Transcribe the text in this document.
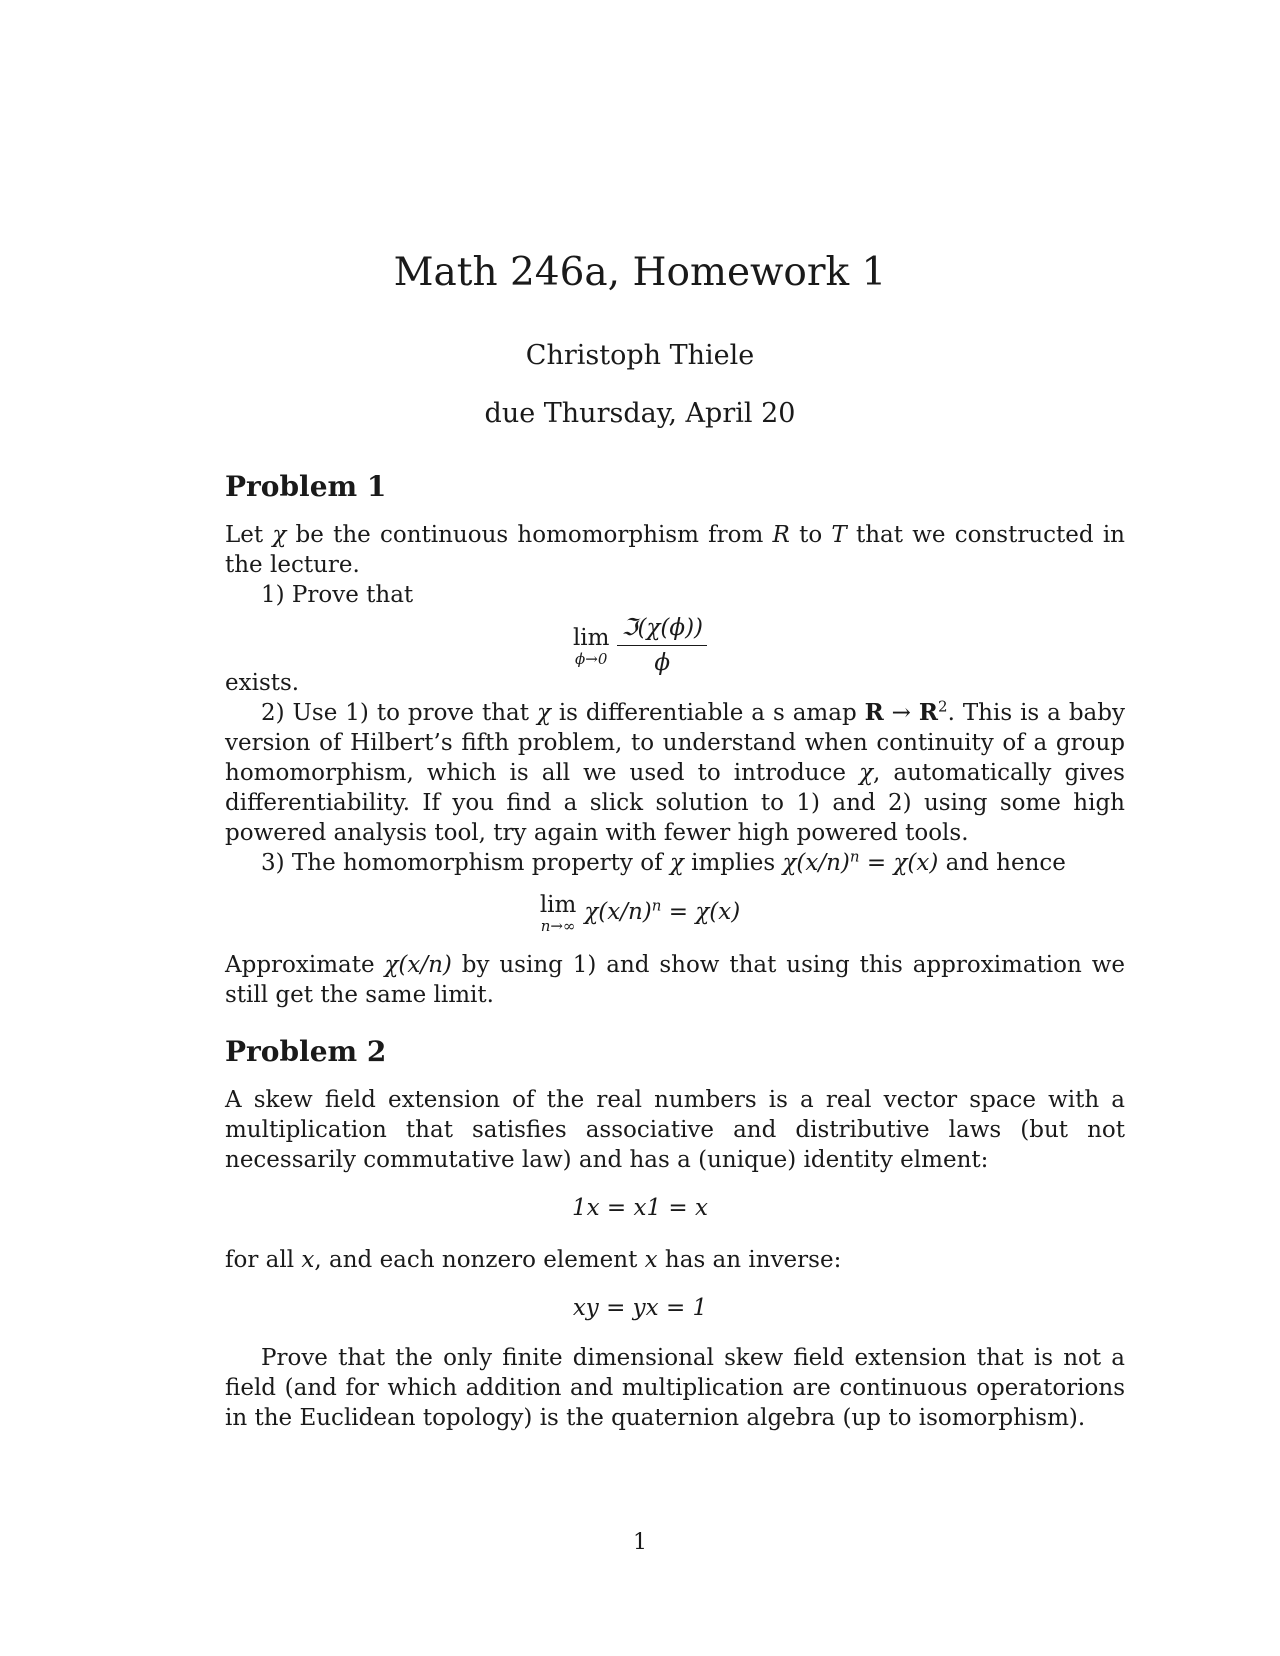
Math 246a, Homework 1
Christoph Thiele
due Thursday, April 20
Problem 1
Let χ be the continuous homomorphism from R to T that we constructed in the lecture.
1) Prove that
lim
$\phi\to 0 \frac{\text{ℑ(χ(ϕ))}}{\phi}$
exists.
2) Use 1) to prove that χ is differentiable a s amap $R \to R^2$. This is a baby version of Hilbert’s fifth problem, to understand when continuity of a group homomorphism, which is all we used to introduce χ, automatically gives differentiability. If you find a slick solution to 1) and 2) using some high powered analysis tool, try again with fewer high powered tools.
3) The homomorphism property of χ implies $\chi(x/n)^n = \chi(x)$ and hence
lim
n→∞
$\chi(x/n)^n = \chi(x)$
Approximate χ(x/n) by using 1) and show that using this approximation we still get the same limit.
Problem 2
A skew field extension of the real numbers is a real vector space with a multiplication that satisfies associative and distributive laws (but not necessarily commutative law) and has a (unique) identity elment:
1x = x1 = x
for all x, and each nonzero element x has an inverse:
xy = yx = 1
Prove that the only finite dimensional skew field extension that is not a field (and for which addition and multiplication are continuous operatorions in the Euclidean topology) is the quaternion algebra (up to isomorphism).
1
